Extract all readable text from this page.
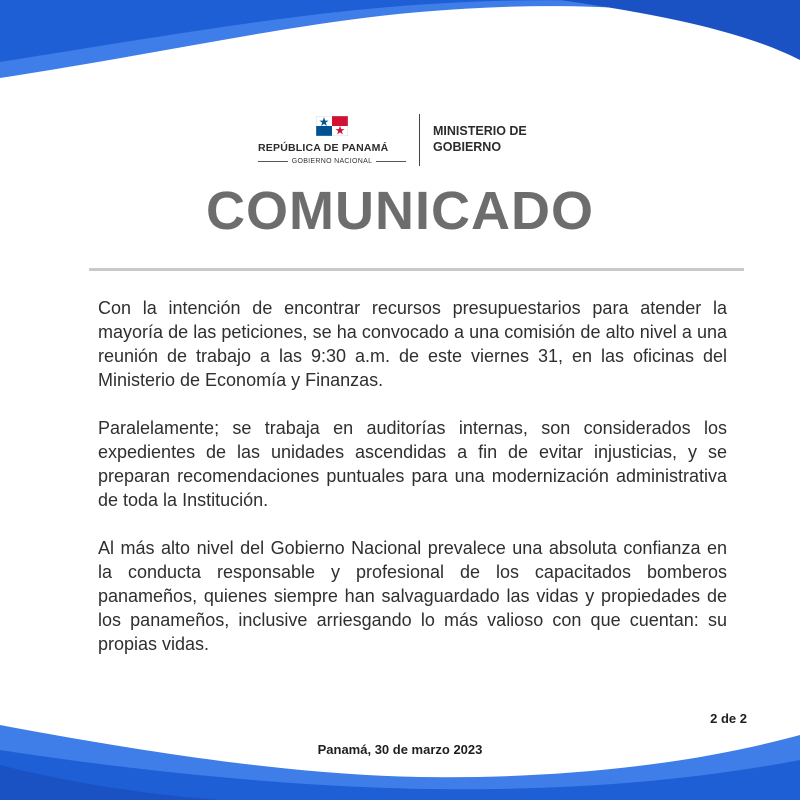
REPÚBLICA DE PANAMÁ
GOBIERNO NACIONAL
MINISTERIO DE
GOBIERNO
COMUNICADO

Con la intención de encontrar recursos presupuestarios para atender la mayoría de las peticiones, se ha convocado a una comisión de alto nivel a una reunión de trabajo a las 9:30 a.m. de este viernes 31, en las oficinas del Ministerio de Economía y Finanzas.

Paralelamente; se trabaja en auditorías internas, son considerados los expedientes de las unidades ascendidas a fin de evitar injusticias, y se preparan recomendaciones puntuales para una modernización administrativa de toda la Institución.

Al más alto nivel del Gobierno Nacional prevalece una absoluta confianza en la conducta responsable y profesional de los capacitados bomberos panameños, quienes siempre han salvaguardado las vidas y propiedades de los panameños, inclusive arriesgando lo más valioso con que cuentan: su propias vidas.

2 de 2
Panamá, 30 de marzo 2023
